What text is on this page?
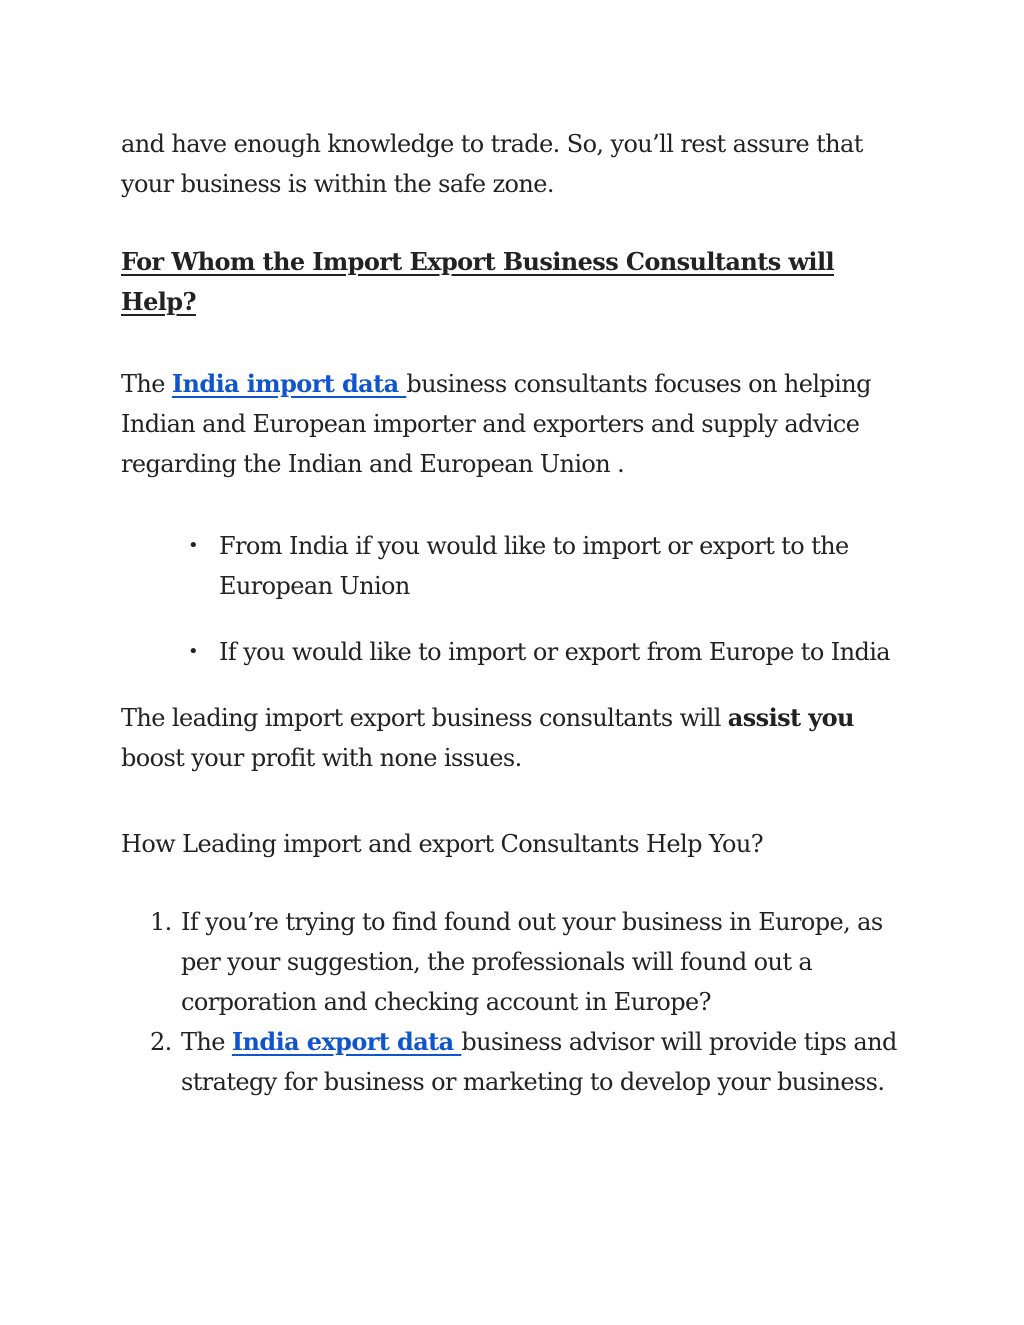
and have enough knowledge to trade. So, you’ll rest assure that your business is within the safe zone.

For Whom the Import Export Business Consultants will Help?

The India import data business consultants focuses on helping Indian and European importer and exporters and supply advice regarding the Indian and European Union .

• From India if you would like to import or export to the European Union
• If you would like to import or export from Europe to India

The leading import export business consultants will assist you boost your profit with none issues.

How Leading import and export Consultants Help You?

1. If you’re trying to find found out your business in Europe, as per your suggestion, the professionals will found out a corporation and checking account in Europe?
2. The India export data business advisor will provide tips and strategy for business or marketing to develop your business.
